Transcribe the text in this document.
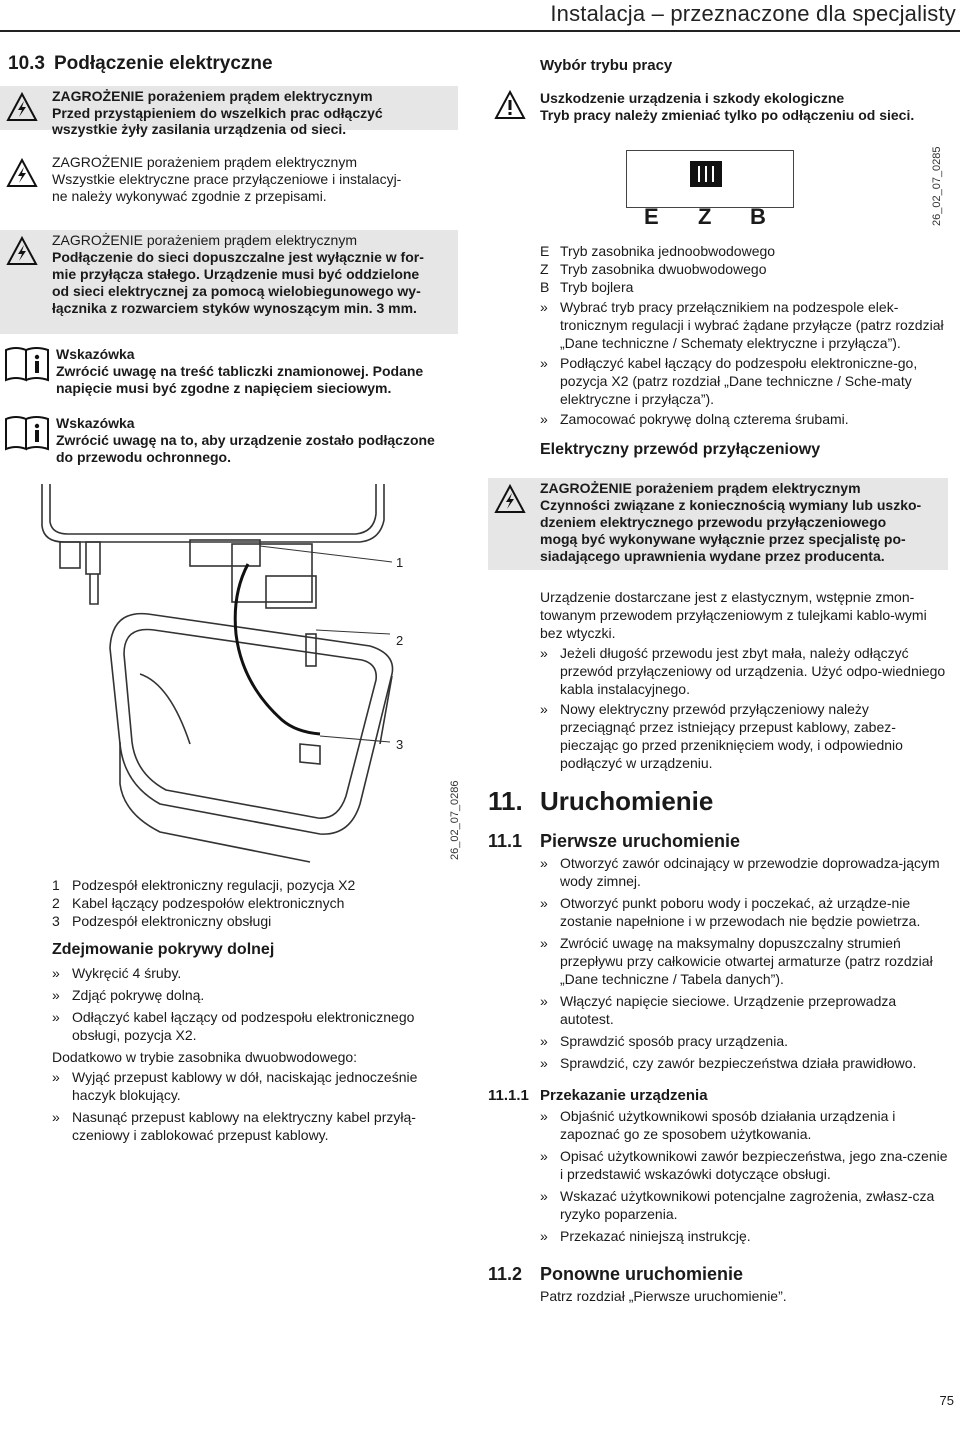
Instalacja – przeznaczone dla specjalisty
10.3 Podłączenie elektryczne
ZAGROŻENIE porażeniem prądem elektrycznym
Przed przystąpieniem do wszelkich prac odłączyć
wszystkie żyły zasilania urządzenia od sieci.
ZAGROŻENIE porażeniem prądem elektrycznym
Wszystkie elektryczne prace przyłączeniowe i instalacyj-
ne należy wykonywać zgodnie z przepisami.
ZAGROŻENIE porażeniem prądem elektrycznym
Podłączenie do sieci dopuszczalne jest wyłącznie w for-
mie przyłącza stałego. Urządzenie musi być oddzielone
od sieci elektrycznej za pomocą wielobiegunowego wy-
łącznika z rozwarciem styków wynoszącym min. 3 mm.
Wskazówka
Zwrócić uwagę na treść tabliczki znamionowej. Podane
napięcie musi być zgodne z napięciem sieciowym.
Wskazówka
Zwrócić uwagę na to, aby urządzenie zostało podłączone
do przewodu ochronnego.
1
2
3
26_02_07_0286
1 Podzespół elektroniczny regulacji, pozycja X2
2 Kabel łączący podzespołów elektronicznych
3 Podzespół elektroniczny obsługi
Zdejmowanie pokrywy dolnej
» Wykręcić 4 śruby.
» Zdjąć pokrywę dolną.
» Odłączyć kabel łączący od podzespołu elektronicznego obsługi, pozycja X2.
Dodatkowo w trybie zasobnika dwuobwodowego:
» Wyjąć przepust kablowy w dół, naciskając jednocześnie haczyk blokujący.
» Nasunąć przepust kablowy na elektryczny kabel przyłą-czeniowy i zablokować przepust kablowy.
Wybór trybu pracy
Uszkodzenie urządzenia i szkody ekologiczne
Tryb pracy należy zmieniać tylko po odłączeniu od sieci.
E Z B	26_02_07_0285
E Tryb zasobnika jednoobwodowego
Z Tryb zasobnika dwuobwodowego
B Tryb bojlera
» Wybrać tryb pracy przełącznikiem na podzespole elek-tronicznym regulacji i wybrać żądane przyłącze (patrz rozdział „Dane techniczne / Schematy elektryczne i przyłącza”).
» Podłączyć kabel łączący do podzespołu elektroniczne-go, pozycja X2 (patrz rozdział „Dane techniczne / Sche-maty elektryczne i przyłącza”).
» Zamocować pokrywę dolną czterema śrubami.
Elektryczny przewód przyłączeniowy
ZAGROŻENIE porażeniem prądem elektrycznym
Czynności związane z koniecznością wymiany lub uszko-
dzeniem elektrycznego przewodu przyłączeniowego
mogą być wykonywane wyłącznie przez specjalistę po-
siadającego uprawnienia wydane przez producenta.
Urządzenie dostarczane jest z elastycznym, wstępnie zmon-towanym przewodem przyłączeniowym z tulejkami kablo-wymi bez wtyczki.
» Jeżeli długość przewodu jest zbyt mała, należy odłączyć przewód przyłączeniowy od urządzenia. Użyć odpo-wiedniego kabla instalacyjnego.
» Nowy elektryczny przewód przyłączeniowy należy przeciągnąć przez istniejący przepust kablowy, zabez-pieczając go przed przeniknięciem wody, i odpowiednio podłączyć w urządzeniu.
11. Uruchomienie
11.1 Pierwsze uruchomienie
» Otworzyć zawór odcinający w przewodzie doprowadza-jącym wody zimnej.
» Otworzyć punkt poboru wody i poczekać, aż urządze-nie zostanie napełnione i w przewodach nie będzie powietrza.
» Zwrócić uwagę na maksymalny dopuszczalny strumień przepływu przy całkowicie otwartej armaturze (patrz rozdział „Dane techniczne / Tabela danych”).
» Włączyć napięcie sieciowe. Urządzenie przeprowadza autotest.
» Sprawdzić sposób pracy urządzenia.
» Sprawdzić, czy zawór bezpieczeństwa działa prawidłowo.
11.1.1 Przekazanie urządzenia
» Objaśnić użytkownikowi sposób działania urządzenia i zapoznać go ze sposobem użytkowania.
» Opisać użytkownikowi zawór bezpieczeństwa, jego zna-czenie i przedstawić wskazówki dotyczące obsługi.
» Wskazać użytkownikowi potencjalne zagrożenia, zwłasz-cza ryzyko poparzenia.
» Przekazać niniejszą instrukcję.
11.2 Ponowne uruchomienie
Patrz rozdział „Pierwsze uruchomienie”.
75
